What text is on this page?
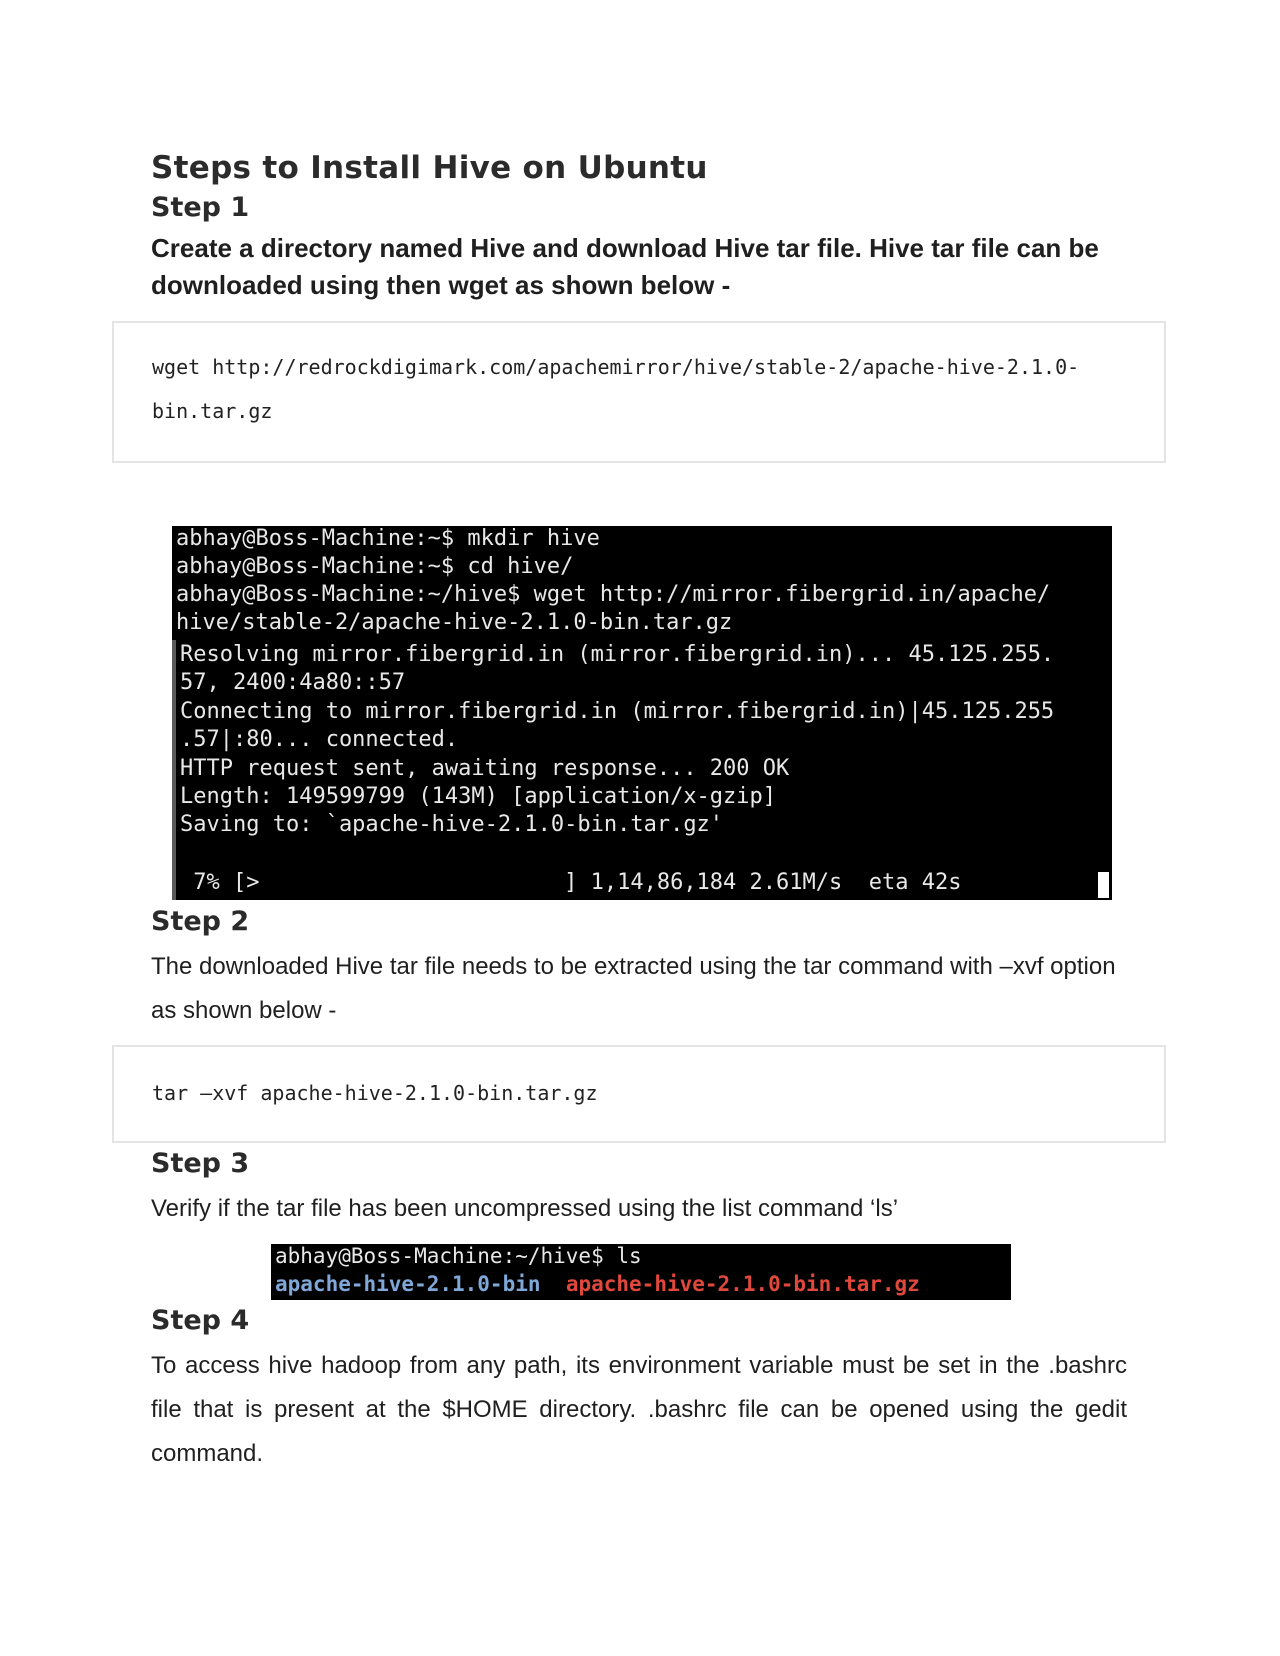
Steps to Install Hive on Ubuntu
Step 1
Create a directory named Hive and download Hive tar file. Hive tar file can be downloaded using then wget as shown below -
wget http://redrockdigimark.com/apachemirror/hive/stable-2/apache-hive-2.1.0-
bin.tar.gz
abhay@Boss-Machine:~$ mkdir hive
abhay@Boss-Machine:~$ cd hive/
abhay@Boss-Machine:~/hive$ wget http://mirror.fibergrid.in/apache/
hive/stable-2/apache-hive-2.1.0-bin.tar.gz
Resolving mirror.fibergrid.in (mirror.fibergrid.in)... 45.125.255.
57, 2400:4a80::57
Connecting to mirror.fibergrid.in (mirror.fibergrid.in)|45.125.255
.57|:80... connected.
HTTP request sent, awaiting response... 200 OK
Length: 149599799 (143M) [application/x-gzip]
Saving to: `apache-hive-2.1.0-bin.tar.gz'
7% [>                       ] 1,14,86,184 2.61M/s  eta 42s
Step 2
The downloaded Hive tar file needs to be extracted using the tar command with –xvf option as shown below -
tar –xvf apache-hive-2.1.0-bin.tar.gz
Step 3
Verify if the tar file has been uncompressed using the list command ‘ls’
abhay@Boss-Machine:~/hive$ ls
apache-hive-2.1.0-bin apache-hive-2.1.0-bin.tar.gz
Step 4
To access hive hadoop from any path, its environment variable must be set in the .bashrc file that is present at the $HOME directory. .bashrc file can be opened using the gedit command.
